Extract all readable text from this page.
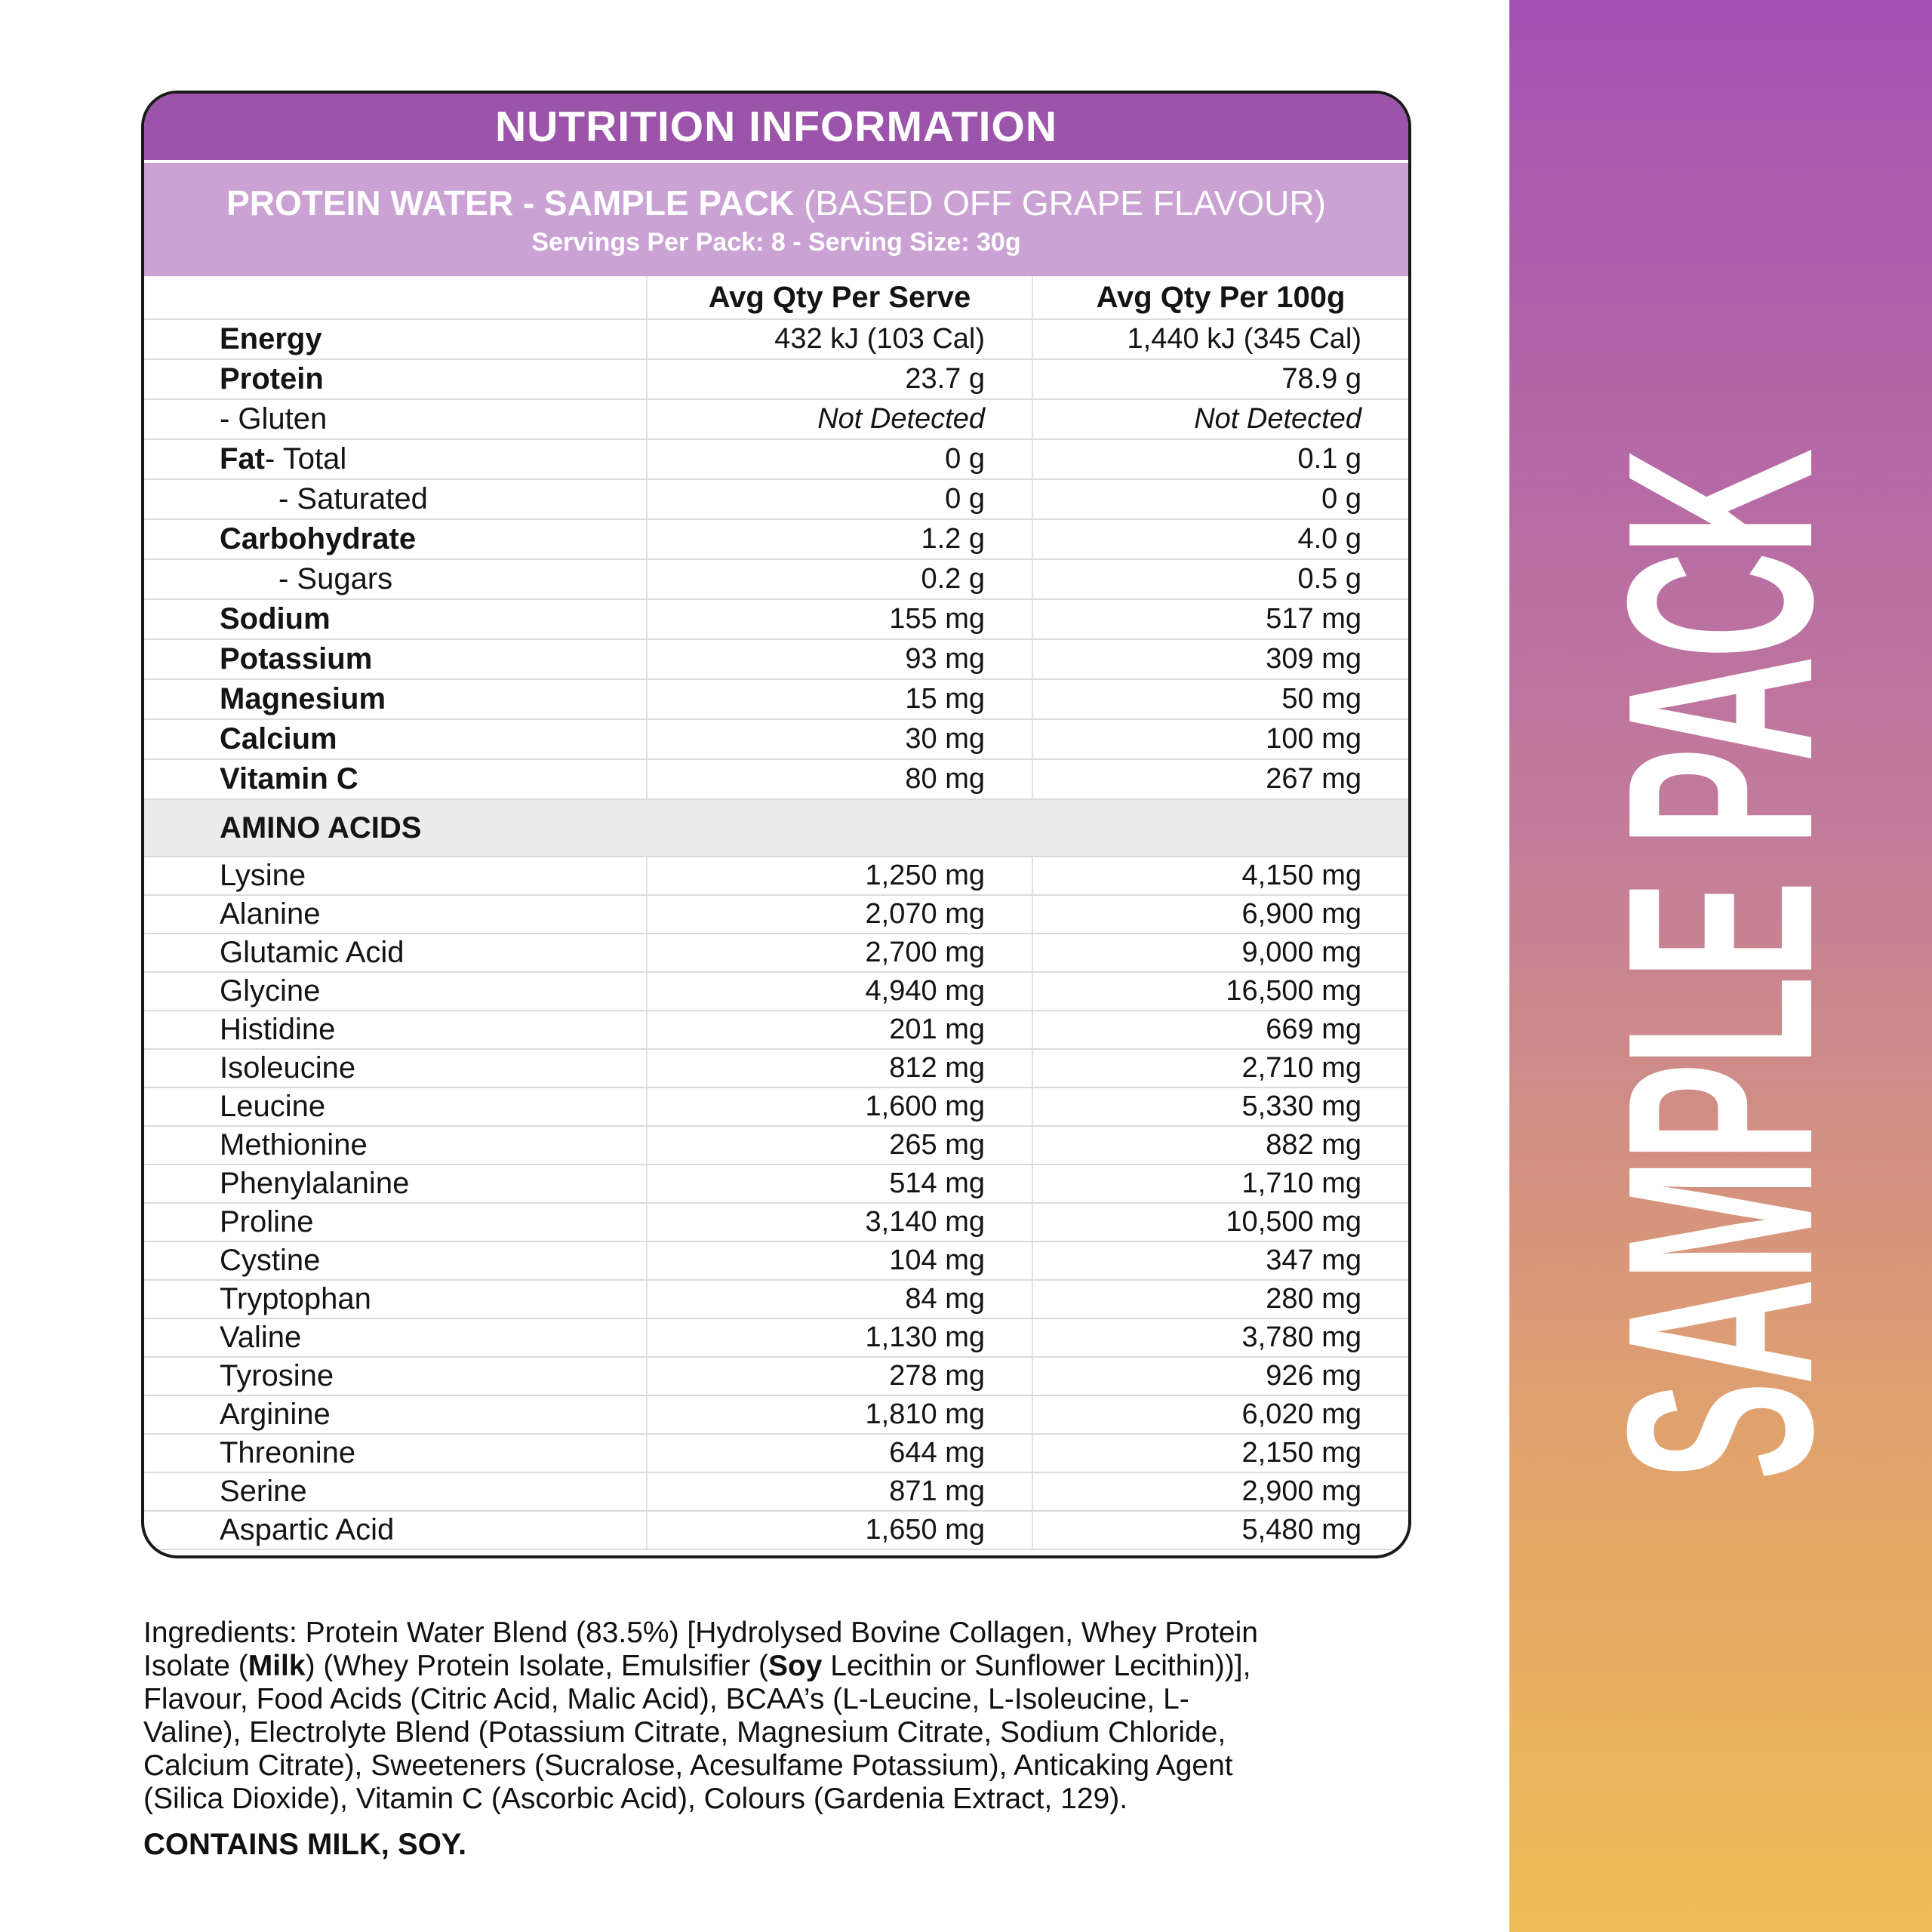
NUTRITION INFORMATION
PROTEIN WATER - SAMPLE PACK (BASED OFF GRAPE FLAVOUR)
Servings Per Pack: 8 - Serving Size: 30g
Avg Qty Per Serve	Avg Qty Per 100g
Energy	432 kJ (103 Cal)	1,440 kJ (345 Cal)
Protein	23.7 g	78.9 g
- Gluten	Not Detected	Not Detected
Fat - Total	0 g	0.1 g
- Saturated	0 g	0 g
Carbohydrate	1.2 g	4.0 g
- Sugars	0.2 g	0.5 g
Sodium	155 mg	517 mg
Potassium	93 mg	309 mg
Magnesium	15 mg	50 mg
Calcium	30 mg	100 mg
Vitamin C	80 mg	267 mg
AMINO ACIDS
Lysine	1,250 mg	4,150 mg
Alanine	2,070 mg	6,900 mg
Glutamic Acid	2,700 mg	9,000 mg
Glycine	4,940 mg	16,500 mg
Histidine	201 mg	669 mg
Isoleucine	812 mg	2,710 mg
Leucine	1,600 mg	5,330 mg
Methionine	265 mg	882 mg
Phenylalanine	514 mg	1,710 mg
Proline	3,140 mg	10,500 mg
Cystine	104 mg	347 mg
Tryptophan	84 mg	280 mg
Valine	1,130 mg	3,780 mg
Tyrosine	278 mg	926 mg
Arginine	1,810 mg	6,020 mg
Threonine	644 mg	2,150 mg
Serine	871 mg	2,900 mg
Aspartic Acid	1,650 mg	5,480 mg
Ingredients: Protein Water Blend (83.5%) [Hydrolysed Bovine Collagen, Whey Protein
Isolate (Milk) (Whey Protein Isolate, Emulsifier (Soy Lecithin or Sunflower Lecithin))],
Flavour, Food Acids (Citric Acid, Malic Acid), BCAA’s (L-Leucine, L-Isoleucine, L-
Valine), Electrolyte Blend (Potassium Citrate, Magnesium Citrate, Sodium Chloride,
Calcium Citrate), Sweeteners (Sucralose, Acesulfame Potassium), Anticaking Agent
(Silica Dioxide), Vitamin C (Ascorbic Acid), Colours (Gardenia Extract, 129).
CONTAINS MILK, SOY.
SAMPLE PACK
